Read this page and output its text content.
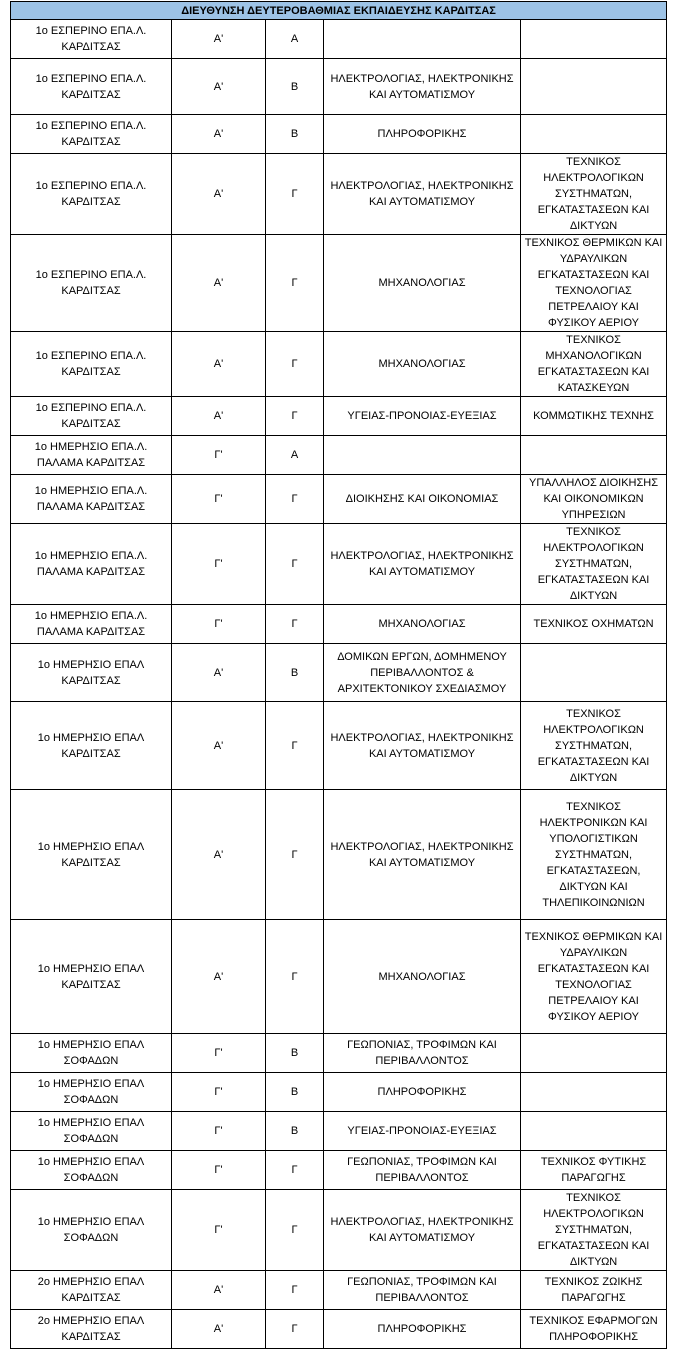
ΔΙΕΥΘΥΝΣΗ ΔΕΥΤΕΡΟΒΑΘΜΙΑΣ ΕΚΠΑΙΔΕΥΣΗΣ ΚΑΡΔΙΤΣΑΣ				
1ο ΕΣΠΕΡΙΝΟ ΕΠΑ.Λ. ΚΑΡΔΙΤΣΑΣ	Α'	Α		
1ο ΕΣΠΕΡΙΝΟ ΕΠΑ.Λ. ΚΑΡΔΙΤΣΑΣ	Α'	Β	ΗΛΕΚΤΡΟΛΟΓΙΑΣ, ΗΛΕΚΤΡΟΝΙΚΗΣ ΚΑΙ ΑΥΤΟΜΑΤΙΣΜΟΥ	
1ο ΕΣΠΕΡΙΝΟ ΕΠΑ.Λ. ΚΑΡΔΙΤΣΑΣ	Α'	Β	ΠΛΗΡΟΦΟΡΙΚΗΣ	
1ο ΕΣΠΕΡΙΝΟ ΕΠΑ.Λ. ΚΑΡΔΙΤΣΑΣ	Α'	Γ	ΗΛΕΚΤΡΟΛΟΓΙΑΣ, ΗΛΕΚΤΡΟΝΙΚΗΣ ΚΑΙ ΑΥΤΟΜΑΤΙΣΜΟΥ	ΤΕΧΝΙΚΟΣ ΗΛΕΚΤΡΟΛΟΓΙΚΩΝ ΣΥΣΤΗΜΑΤΩΝ, ΕΓΚΑΤΑΣΤΑΣΕΩΝ ΚΑΙ ΔΙΚΤΥΩΝ
1ο ΕΣΠΕΡΙΝΟ ΕΠΑ.Λ. ΚΑΡΔΙΤΣΑΣ	Α'	Γ	ΜΗΧΑΝΟΛΟΓΙΑΣ	ΤΕΧΝΙΚΟΣ ΘΕΡΜΙΚΩΝ ΚΑΙ ΥΔΡΑΥΛΙΚΩΝ ΕΓΚΑΤΑΣΤΑΣΕΩΝ ΚΑΙ ΤΕΧΝΟΛΟΓΙΑΣ ΠΕΤΡΕΛΑΙΟΥ ΚΑΙ ΦΥΣΙΚΟΥ ΑΕΡΙΟΥ
1ο ΕΣΠΕΡΙΝΟ ΕΠΑ.Λ. ΚΑΡΔΙΤΣΑΣ	Α'	Γ	ΜΗΧΑΝΟΛΟΓΙΑΣ	ΤΕΧΝΙΚΟΣ ΜΗΧΑΝΟΛΟΓΙΚΩΝ ΕΓΚΑΤΑΣΤΑΣΕΩΝ ΚΑΙ ΚΑΤΑΣΚΕΥΩΝ
1ο ΕΣΠΕΡΙΝΟ ΕΠΑ.Λ. ΚΑΡΔΙΤΣΑΣ	Α'	Γ	ΥΓΕΙΑΣ-ΠΡΟΝΟΙΑΣ-ΕΥΕΞΙΑΣ	ΚΟΜΜΩΤΙΚΗΣ ΤΕΧΝΗΣ
1ο ΗΜΕΡΗΣΙΟ ΕΠΑ.Λ. ΠΑΛΑΜΑ ΚΑΡΔΙΤΣΑΣ	Γ'	Α		
1ο ΗΜΕΡΗΣΙΟ ΕΠΑ.Λ. ΠΑΛΑΜΑ ΚΑΡΔΙΤΣΑΣ	Γ'	Γ	ΔΙΟΙΚΗΣΗΣ ΚΑΙ ΟΙΚΟΝΟΜΙΑΣ	ΥΠΑΛΛΗΛΟΣ ΔΙΟΙΚΗΣΗΣ ΚΑΙ ΟΙΚΟΝΟΜΙΚΩΝ ΥΠΗΡΕΣΙΩΝ
1ο ΗΜΕΡΗΣΙΟ ΕΠΑ.Λ. ΠΑΛΑΜΑ ΚΑΡΔΙΤΣΑΣ	Γ'	Γ	ΗΛΕΚΤΡΟΛΟΓΙΑΣ, ΗΛΕΚΤΡΟΝΙΚΗΣ ΚΑΙ ΑΥΤΟΜΑΤΙΣΜΟΥ	ΤΕΧΝΙΚΟΣ ΗΛΕΚΤΡΟΛΟΓΙΚΩΝ ΣΥΣΤΗΜΑΤΩΝ, ΕΓΚΑΤΑΣΤΑΣΕΩΝ ΚΑΙ ΔΙΚΤΥΩΝ
1ο ΗΜΕΡΗΣΙΟ ΕΠΑ.Λ. ΠΑΛΑΜΑ ΚΑΡΔΙΤΣΑΣ	Γ'	Γ	ΜΗΧΑΝΟΛΟΓΙΑΣ	ΤΕΧΝΙΚΟΣ ΟΧΗΜΑΤΩΝ
1ο ΗΜΕΡΗΣΙΟ ΕΠΑΛ ΚΑΡΔΙΤΣΑΣ	Α'	Β	ΔΟΜΙΚΩΝ ΕΡΓΩΝ, ΔΟΜΗΜΕΝΟΥ ΠΕΡΙΒΑΛΛΟΝΤΟΣ & ΑΡΧΙΤΕΚΤΟΝΙΚΟΥ ΣΧΕΔΙΑΣΜΟΥ	
1ο ΗΜΕΡΗΣΙΟ ΕΠΑΛ ΚΑΡΔΙΤΣΑΣ	Α'	Γ	ΗΛΕΚΤΡΟΛΟΓΙΑΣ, ΗΛΕΚΤΡΟΝΙΚΗΣ ΚΑΙ ΑΥΤΟΜΑΤΙΣΜΟΥ	ΤΕΧΝΙΚΟΣ ΗΛΕΚΤΡΟΛΟΓΙΚΩΝ ΣΥΣΤΗΜΑΤΩΝ, ΕΓΚΑΤΑΣΤΑΣΕΩΝ ΚΑΙ ΔΙΚΤΥΩΝ
1ο ΗΜΕΡΗΣΙΟ ΕΠΑΛ ΚΑΡΔΙΤΣΑΣ	Α'	Γ	ΗΛΕΚΤΡΟΛΟΓΙΑΣ, ΗΛΕΚΤΡΟΝΙΚΗΣ ΚΑΙ ΑΥΤΟΜΑΤΙΣΜΟΥ	ΤΕΧΝΙΚΟΣ ΗΛΕΚΤΡΟΝΙΚΩΝ ΚΑΙ ΥΠΟΛΟΓΙΣΤΙΚΩΝ ΣΥΣΤΗΜΑΤΩΝ, ΕΓΚΑΤΑΣΤΑΣΕΩΝ, ΔΙΚΤΥΩΝ ΚΑΙ ΤΗΛΕΠΙΚΟΙΝΩΝΙΩΝ
1ο ΗΜΕΡΗΣΙΟ ΕΠΑΛ ΚΑΡΔΙΤΣΑΣ	Α'	Γ	ΜΗΧΑΝΟΛΟΓΙΑΣ	ΤΕΧΝΙΚΟΣ ΘΕΡΜΙΚΩΝ ΚΑΙ ΥΔΡΑΥΛΙΚΩΝ ΕΓΚΑΤΑΣΤΑΣΕΩΝ ΚΑΙ ΤΕΧΝΟΛΟΓΙΑΣ ΠΕΤΡΕΛΑΙΟΥ ΚΑΙ ΦΥΣΙΚΟΥ ΑΕΡΙΟΥ
1ο ΗΜΕΡΗΣΙΟ ΕΠΑΛ ΣΟΦΑΔΩΝ	Γ'	Β	ΓΕΩΠΟΝΙΑΣ, ΤΡΟΦΙΜΩΝ ΚΑΙ ΠΕΡΙΒΑΛΛΟΝΤΟΣ	
1ο ΗΜΕΡΗΣΙΟ ΕΠΑΛ ΣΟΦΑΔΩΝ	Γ'	Β	ΠΛΗΡΟΦΟΡΙΚΗΣ	
1ο ΗΜΕΡΗΣΙΟ ΕΠΑΛ ΣΟΦΑΔΩΝ	Γ'	Β	ΥΓΕΙΑΣ-ΠΡΟΝΟΙΑΣ-ΕΥΕΞΙΑΣ	
1ο ΗΜΕΡΗΣΙΟ ΕΠΑΛ ΣΟΦΑΔΩΝ	Γ'	Γ	ΓΕΩΠΟΝΙΑΣ, ΤΡΟΦΙΜΩΝ ΚΑΙ ΠΕΡΙΒΑΛΛΟΝΤΟΣ	ΤΕΧΝΙΚΟΣ ΦΥΤΙΚΗΣ ΠΑΡΑΓΩΓΗΣ
1ο ΗΜΕΡΗΣΙΟ ΕΠΑΛ ΣΟΦΑΔΩΝ	Γ'	Γ	ΗΛΕΚΤΡΟΛΟΓΙΑΣ, ΗΛΕΚΤΡΟΝΙΚΗΣ ΚΑΙ ΑΥΤΟΜΑΤΙΣΜΟΥ	ΤΕΧΝΙΚΟΣ ΗΛΕΚΤΡΟΛΟΓΙΚΩΝ ΣΥΣΤΗΜΑΤΩΝ, ΕΓΚΑΤΑΣΤΑΣΕΩΝ ΚΑΙ ΔΙΚΤΥΩΝ
2ο ΗΜΕΡΗΣΙΟ ΕΠΑΛ ΚΑΡΔΙΤΣΑΣ	Α'	Γ	ΓΕΩΠΟΝΙΑΣ, ΤΡΟΦΙΜΩΝ ΚΑΙ ΠΕΡΙΒΑΛΛΟΝΤΟΣ	ΤΕΧΝΙΚΟΣ ΖΩΙΚΗΣ ΠΑΡΑΓΩΓΗΣ
2ο ΗΜΕΡΗΣΙΟ ΕΠΑΛ ΚΑΡΔΙΤΣΑΣ	Α'	Γ	ΠΛΗΡΟΦΟΡΙΚΗΣ	ΤΕΧΝΙΚΟΣ ΕΦΑΡΜΟΓΩΝ ΠΛΗΡΟΦΟΡΙΚΗΣ
